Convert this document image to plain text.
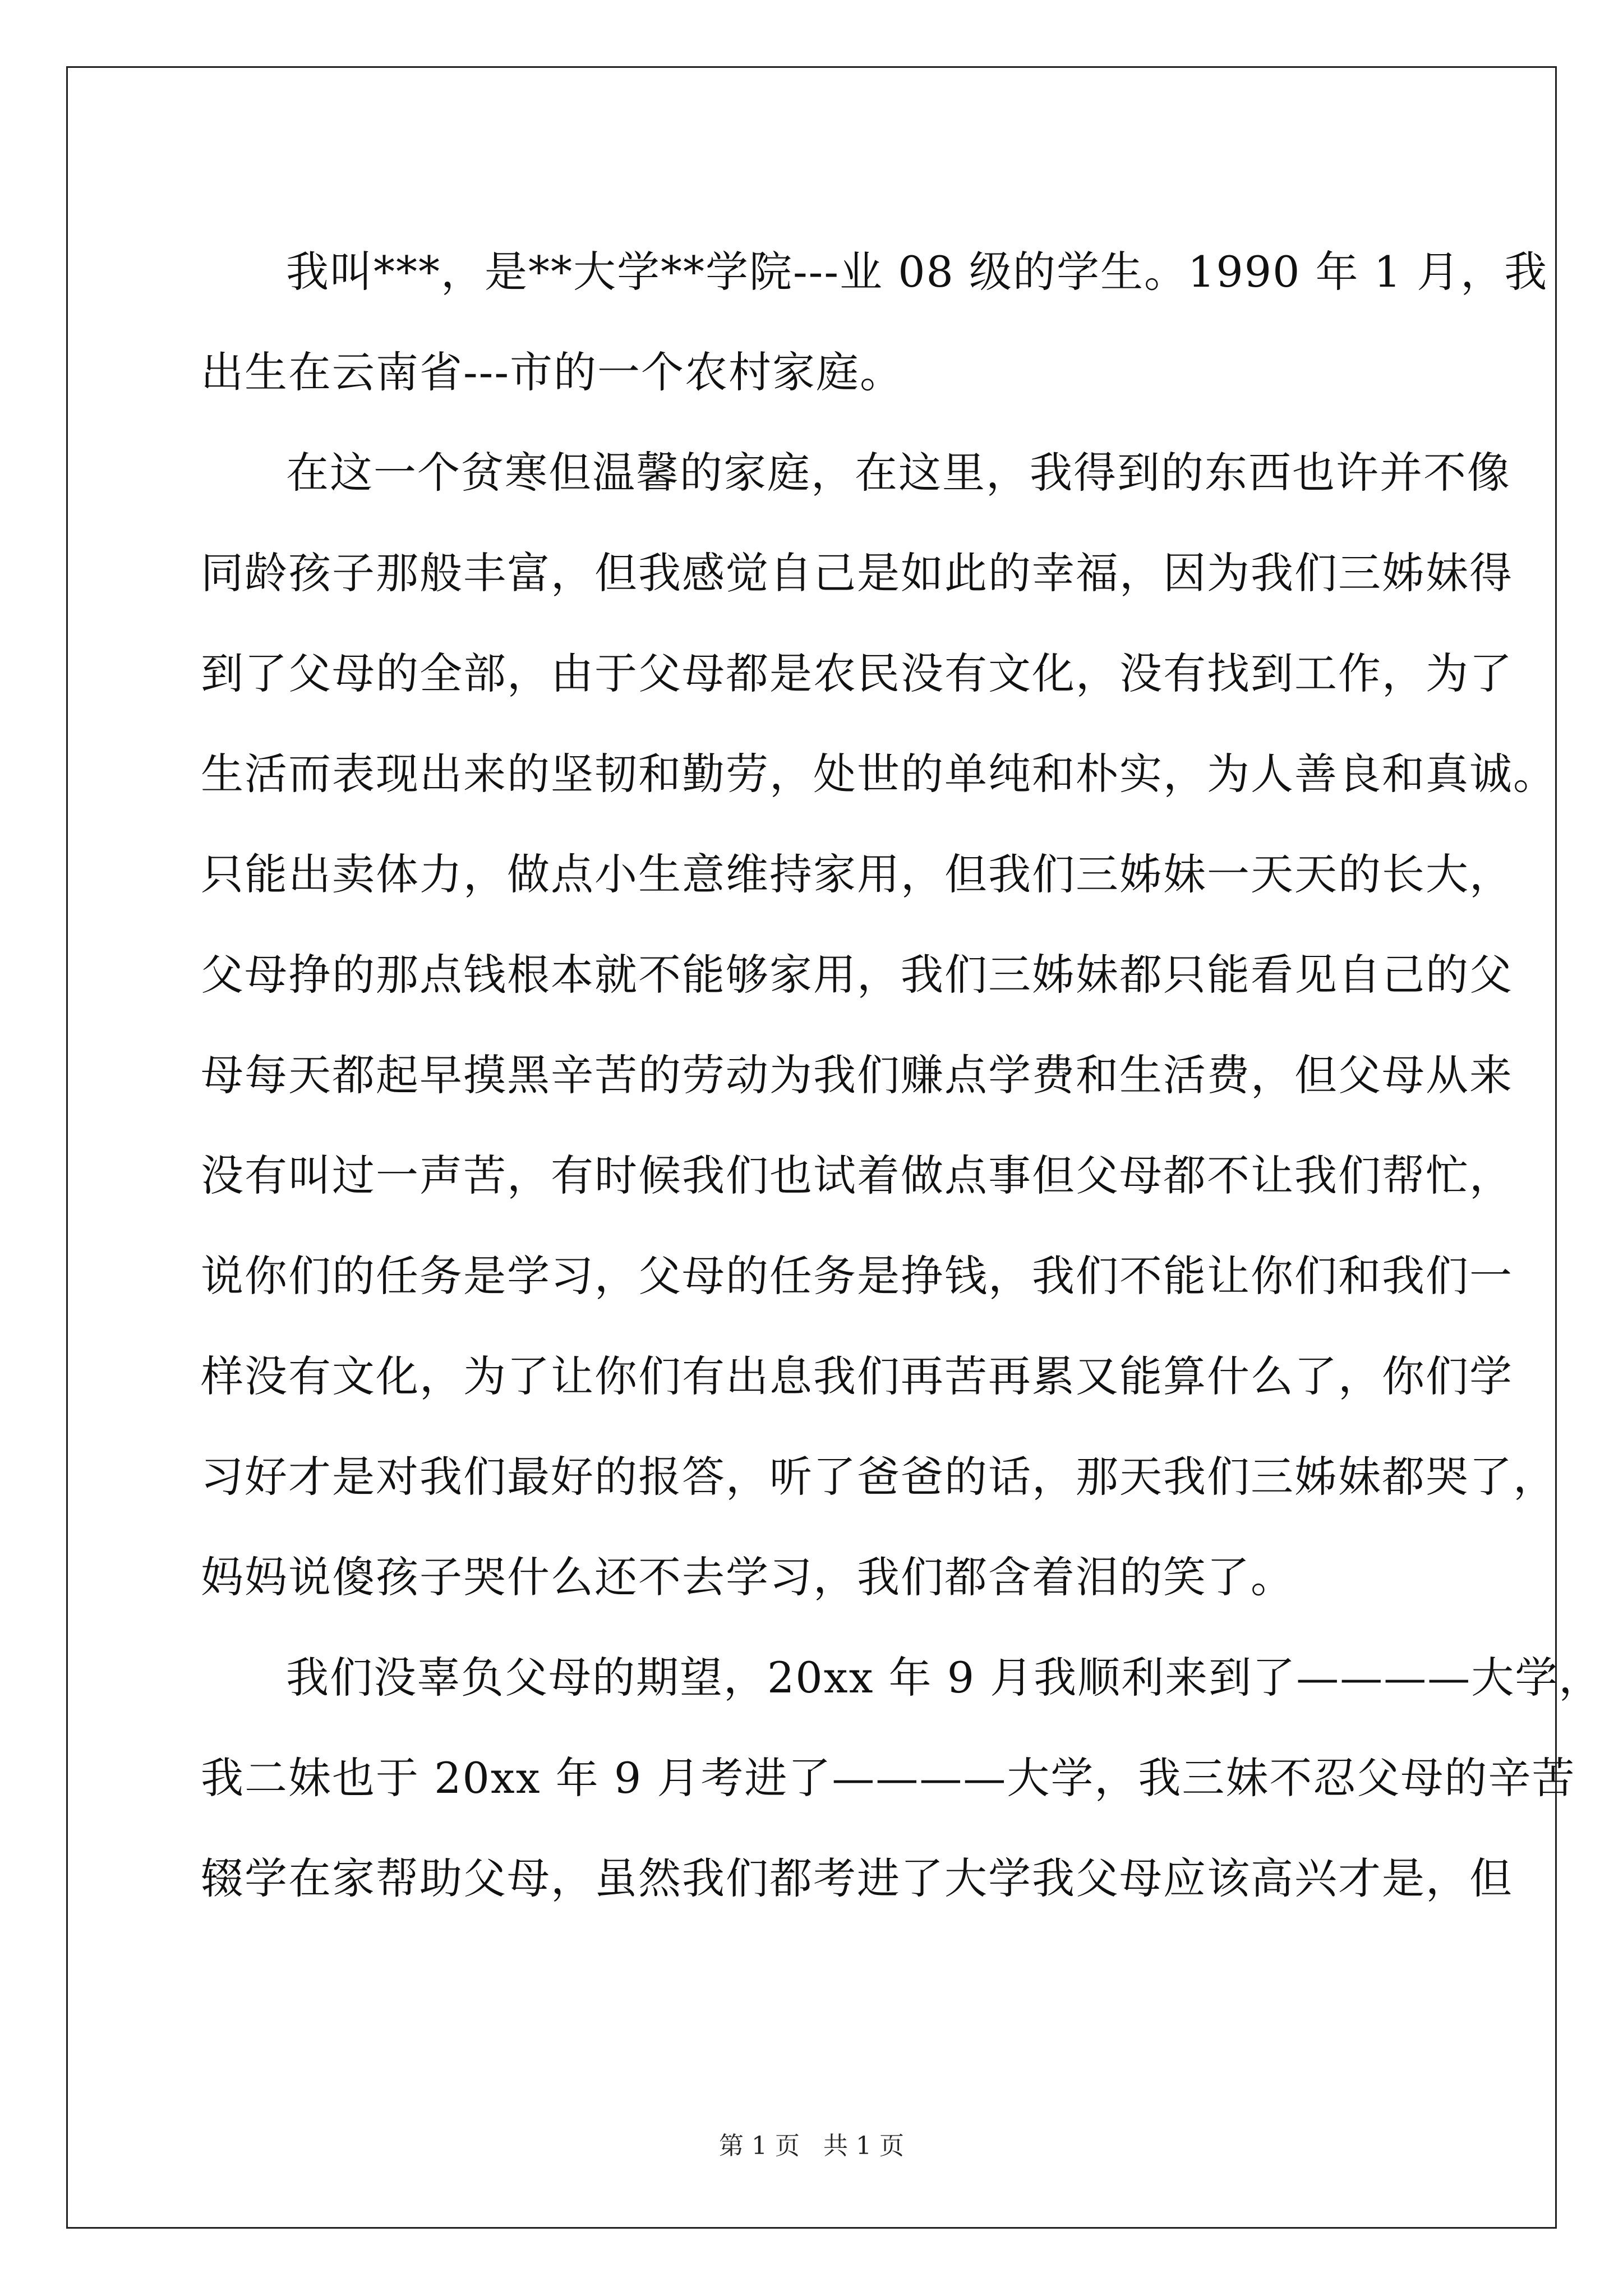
我叫***，是**大学**学院---业 08 级的学生。1990 年 1 月，我
出生在云南省---市的一个农村家庭。
在这一个贫寒但温馨的家庭，在这里，我得到的东西也许并不像
同龄孩子那般丰富，但我感觉自己是如此的幸福，因为我们三姊妹得
到了父母的全部，由于父母都是农民没有文化，没有找到工作，为了
生活而表现出来的坚韧和勤劳，处世的单纯和朴实，为人善良和真诚。
只能出卖体力，做点小生意维持家用，但我们三姊妹一天天的长大，
父母挣的那点钱根本就不能够家用，我们三姊妹都只能看见自己的父
母每天都起早摸黑辛苦的劳动为我们赚点学费和生活费，但父母从来
没有叫过一声苦，有时候我们也试着做点事但父母都不让我们帮忙，
说你们的任务是学习，父母的任务是挣钱，我们不能让你们和我们一
样没有文化，为了让你们有出息我们再苦再累又能算什么了，你们学
习好才是对我们最好的报答，听了爸爸的话，那天我们三姊妹都哭了，
妈妈说傻孩子哭什么还不去学习，我们都含着泪的笑了。
我们没辜负父母的期望，20xx 年 9 月我顺利来到了————大学，
我二妹也于 20xx 年 9 月考进了————大学，我三妹不忍父母的辛苦
辍学在家帮助父母，虽然我们都考进了大学我父母应该高兴才是，但
第 1 页 共 1 页
